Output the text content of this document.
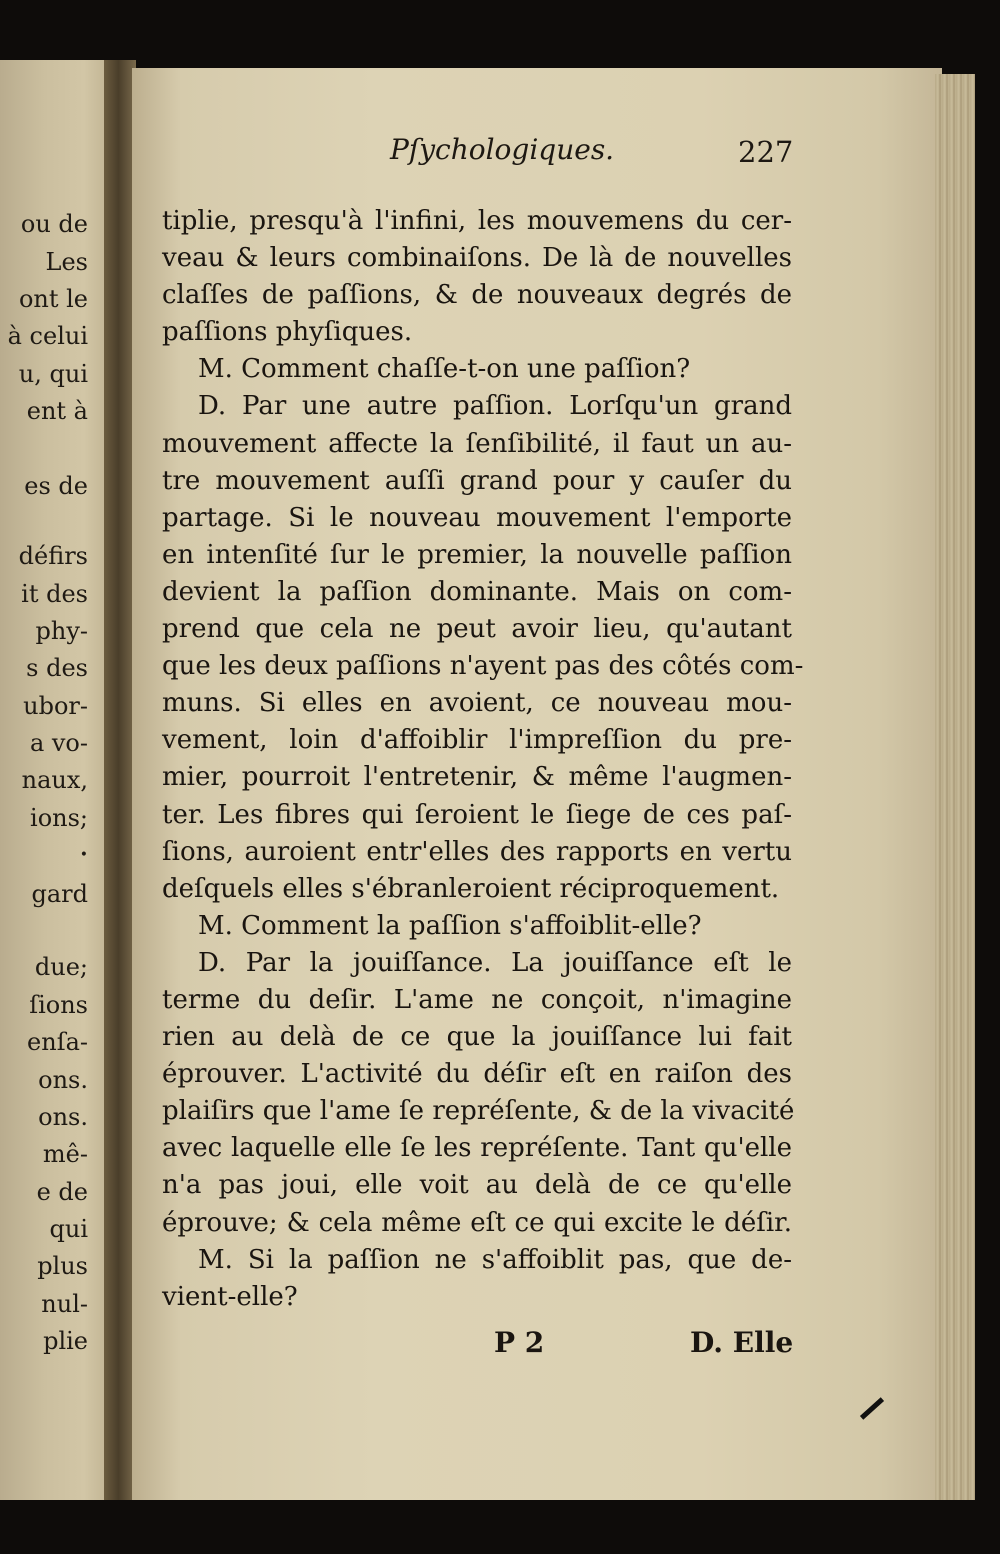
ou de
Les
ont le
à celui
u, qui
ent à
es de
défirs
it des
phy-
s des
ubor-
a vo-
naux,
ions;
•
gard
due;
ſions
enſa-
ons.
ons.
mê-
e de
qui
plus
nul-
plie
Pſychologiques.	227
tiplie, presqu'à l'infini, les mouvemens du cer-
veau & leurs combinaiſons. De là de nouvelles
claſſes de paſſions, & de nouveaux degrés de
paſſions phyſiques.
M. Comment chaſſe-t-on une paſſion?
D. Par une autre paſſion. Lorſqu'un grand
mouvement affecte la ſenſibilité, il faut un au-
tre mouvement auſſi grand pour y cauſer du
partage. Si le nouveau mouvement l'emporte
en intenſité ſur le premier, la nouvelle paſſion
devient la paſſion dominante. Mais on com-
prend que cela ne peut avoir lieu, qu'autant
que les deux paſſions n'ayent pas des côtés com-
muns. Si elles en avoient, ce nouveau mou-
vement, loin d'affoiblir l'impreſſion du pre-
mier, pourroit l'entretenir, & même l'augmen-
ter. Les fibres qui ſeroient le ſiege de ces paſ-
ſions, auroient entr'elles des rapports en vertu
deſquels elles s'ébranleroient réciproquement.
M. Comment la paſſion s'affoiblit-elle?
D. Par la jouiſſance. La jouiſſance eſt le
terme du deſir. L'ame ne conçoit, n'imagine
rien au delà de ce que la jouiſſance lui fait
éprouver. L'activité du déſir eſt en raiſon des
plaiſirs que l'ame ſe repréſente, & de la vivacité
avec laquelle elle ſe les repréſente. Tant qu'elle
n'a pas joui, elle voit au delà de ce qu'elle
éprouve; & cela même eſt ce qui excite le déſir.
M. Si la paſſion ne s'affoiblit pas, que de-
vient-elle?
P 2	D. Elle
